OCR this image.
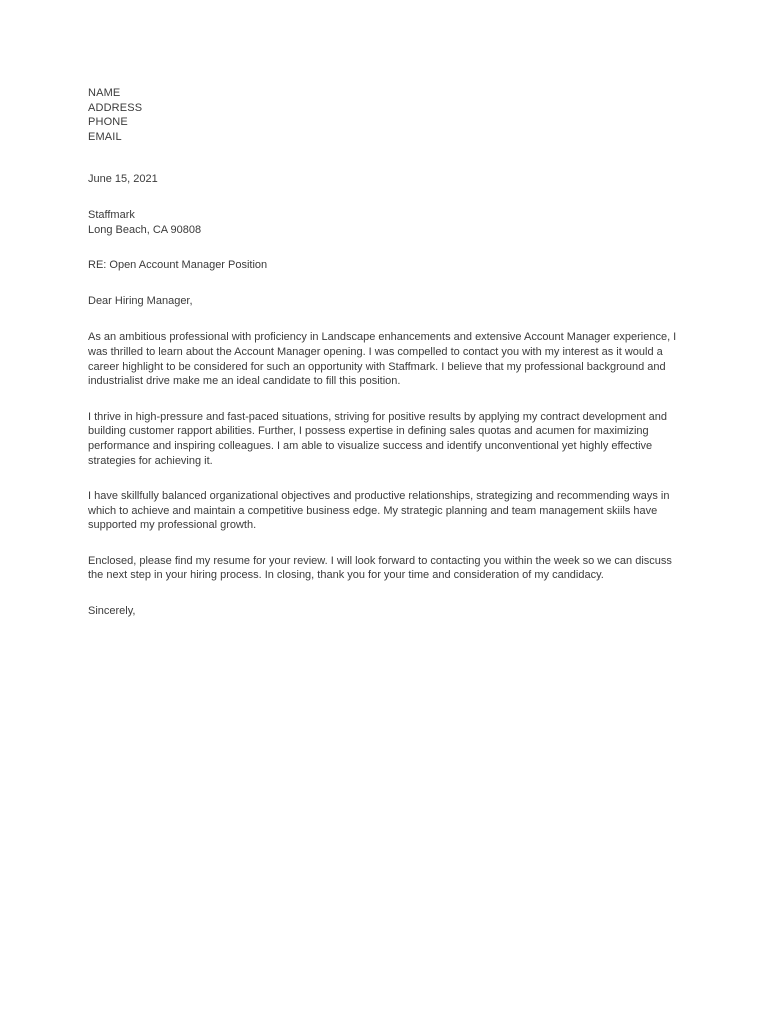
NAME
ADDRESS
PHONE
EMAIL
June 15, 2021
Staffmark
Long Beach, CA 90808
RE: Open Account Manager Position
Dear Hiring Manager,

As an ambitious professional with proficiency in Landscape enhancements and extensive Account Manager experience, I was thrilled to learn about the Account Manager opening. I was compelled to contact you with my interest as it would a career highlight to be considered for such an opportunity with Staffmark. I believe that my professional background and industrialist drive make me an ideal candidate to fill this position.

I thrive in high-pressure and fast-paced situations, striving for positive results by applying my contract development and building customer rapport abilities. Further, I possess expertise in defining sales quotas and acumen for maximizing performance and inspiring colleagues. I am able to visualize success and identify unconventional yet highly effective strategies for achieving it.

I have skillfully balanced organizational objectives and productive relationships, strategizing and recommending ways in which to achieve and maintain a competitive business edge. My strategic planning and team management skiils have supported my professional growth.

Enclosed, please find my resume for your review. I will look forward to contacting you within the week so we can discuss the next step in your hiring process. In closing, thank you for your time and consideration of my candidacy.

Sincerely,
